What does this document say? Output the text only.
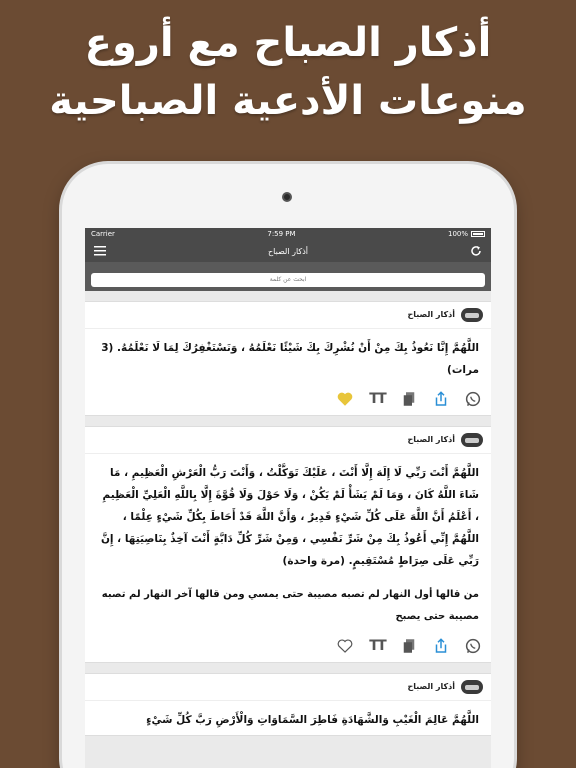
أذكار الصباح مع أروع
منوعات الأدعية الصباحية
Carrier	7:59 PM	100%
أذكار الصباح
ابحث عن كلمة
أذكار الصباح
اللَّهُمَّ إِنَّا نَعُوذُ بِكَ مِنْ أَنْ نُشْرِكَ بِكَ شَيْئًا نَعْلَمُهُ ، وَنَسْتَغْفِرُكَ لِمَا لَا نَعْلَمُهُ. (3 مرات)
TT
أذكار الصباح
اللَّهُمَّ أَنْتَ رَبِّي لَا إِلَهَ إِلَّا أَنْتَ ، عَلَيْكَ تَوَكَّلْتُ ، وَأَنْتَ رَبُّ الْعَرْشِ الْعَظِيمِ ، مَا شَاءَ اللَّهُ كَانَ ، وَمَا لَمْ يَشَأْ لَمْ يَكُنْ ، وَلَا حَوْلَ وَلَا قُوَّةَ إِلَّا بِاللَّهِ الْعَلِيِّ الْعَظِيمِ ، أَعْلَمُ أَنَّ اللَّهَ عَلَى كُلِّ شَيْءٍ قَدِيرٌ ، وَأَنَّ اللَّهَ قَدْ أَحَاطَ بِكُلِّ شَيْءٍ عِلْمًا ، اللَّهُمَّ إِنِّي أَعُوذُ بِكَ مِنْ شَرِّ نَفْسِي ، وَمِنْ شَرِّ كُلِّ دَابَّةٍ أَنْتَ آخِذٌ بِنَاصِيَتِهَا ، إِنَّ رَبِّي عَلَى صِرَاطٍ مُسْتَقِيمٍ. (مرة واحدة)
من قالها أول النهار لم تصبه مصيبة حتى يمسي ومن قالها آخر النهار لم تصبه مصيبة حتى يصبح
TT
أذكار الصباح
اللَّهُمَّ عَالِمَ الْغَيْبِ وَالشَّهَادَةِ فَاطِرَ السَّمَاوَاتِ وَالْأَرْضِ رَبَّ كُلِّ شَيْءٍ
